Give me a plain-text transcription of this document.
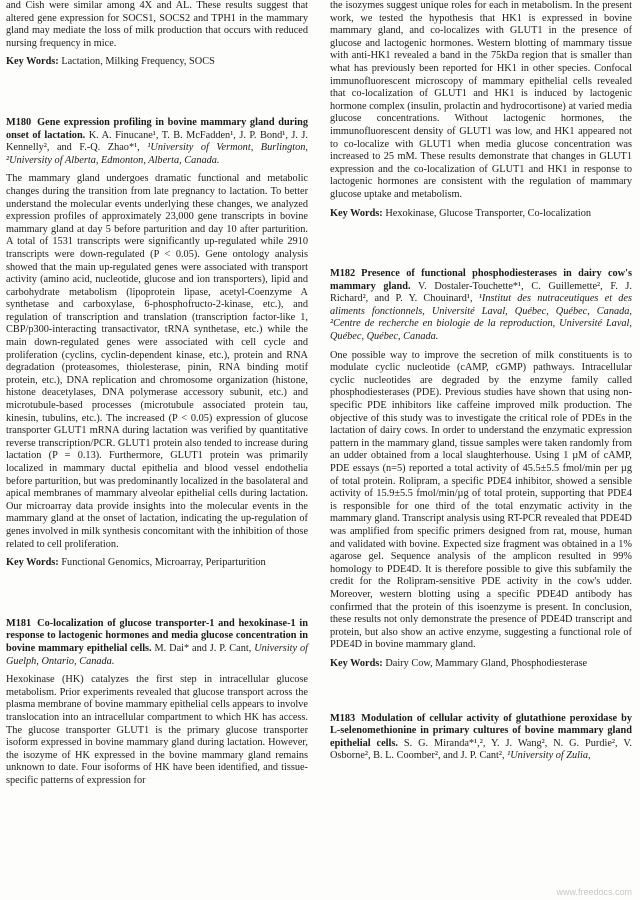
and Cish were similar among 4X and AL. These results suggest that altered gene expression for SOCS1, SOCS2 and TPH1 in the mammary gland may mediate the loss of milk production that occurs with reduced nursing frequency in mice.

Key Words: Lactation, Milking Frequency, SOCS

M180 Gene expression profiling in bovine mammary gland during onset of lactation. K. A. Finucane¹, T. B. McFadden¹, J. P. Bond¹, J. J. Kennelly², and F.-Q. Zhao*¹, ¹University of Vermont, Burlington, ²University of Alberta, Edmonton, Alberta, Canada.

The mammary gland undergoes dramatic functional and metabolic changes during the transition from late pregnancy to lactation. To better understand the molecular events underlying these changes, we analyzed expression profiles of approximately 23,000 gene transcripts in bovine mammary gland at day 5 before parturition and day 10 after parturition. A total of 1531 transcripts were significantly up-regulated while 2910 transcripts were down-regulated (P < 0.05). Gene ontology analysis showed that the main up-regulated genes were associated with transport activity (amino acid, nucleotide, glucose and ion transporters), lipid and carbohydrate metabolism (lipoprotein lipase, acetyl-Coenzyme A synthetase and carboxylase, 6-phosphofructo-2-kinase, etc.), and regulation of transcription and translation (transcription factor-like 1, CBP/p300-interacting transactivator, tRNA synthetase, etc.) while the main down-regulated genes were associated with cell cycle and proliferation (cyclins, cyclin-dependent kinase, etc.), protein and RNA degradation (proteasomes, thiolesterase, pinin, RNA binding motif protein, etc.), DNA replication and chromosome organization (histone, histone deacetylases, DNA polymerase accessory subunit, etc.) and microtubule-based processes (microtubule associated protein tau, kinesin, tubulins, etc.). The increased (P < 0.05) expression of glucose transporter GLUT1 mRNA during lactation was verified by quantitative reverse transcription/PCR. GLUT1 protein also tended to increase during lactation (P = 0.13). Furthermore, GLUT1 protein was primarily localized in mammary ductal epithelia and blood vessel endothelia before parturition, but was predominantly localized in the basolateral and apical membranes of mammary alveolar epithelial cells during lactation. Our microarray data provide insights into the molecular events in the mammary gland at the onset of lactation, indicating the up-regulation of genes involved in milk synthesis concomitant with the inhibition of those related to cell proliferation.

Key Words: Functional Genomics, Microarray, Periparturition

M181 Co-localization of glucose transporter-1 and hexokinase-1 in response to lactogenic hormones and media glucose concentration in bovine mammary epithelial cells. M. Dai* and J. P. Cant, University of Guelph, Ontario, Canada.

Hexokinase (HK) catalyzes the first step in intracellular glucose metabolism. Prior experiments revealed that glucose transport across the plasma membrane of bovine mammary epithelial cells appears to involve translocation into an intracellular compartment to which HK has access. The glucose transporter GLUT1 is the primary glucose transporter isoform expressed in bovine mammary gland during lactation. However, the isozyme of HK expressed in the bovine mammary gland remains unknown to date. Four isoforms of HK have been identified, and tissue-specific patterns of expression for

the isozymes suggest unique roles for each in metabolism. In the present work, we tested the hypothesis that HK1 is expressed in bovine mammary gland, and co-localizes with GLUT1 in the presence of glucose and lactogenic hormones. Western blotting of mammary tissue with anti-HK1 revealed a band in the 75kDa region that is smaller than what has previously been reported for HK1 in other species. Confocal immunofluorescent microscopy of mammary epithelial cells revealed that co-localization of GLUT1 and HK1 is induced by lactogenic hormone complex (insulin, prolactin and hydrocortisone) at varied media glucose concentrations. Without lactogenic hormones, the immunofluorescent density of GLUT1 was low, and HK1 appeared not to co-localize with GLUT1 when media glucose concentration was increased to 25 mM. These results demonstrate that changes in GLUT1 expression and the co-localization of GLUT1 and HK1 in response to lactogenic hormones are consistent with the regulation of mammary glucose uptake and metabolism.

Key Words: Hexokinase, Glucose Transporter, Co-localization

M182 Presence of functional phosphodiesterases in dairy cow's mammary gland. V. Dostaler-Touchette*¹, C. Guillemette², F. J. Richard², and P. Y. Chouinard¹, ¹Institut des nutraceutiques et des aliments fonctionnels, Université Laval, Québec, Québec, Canada, ²Centre de recherche en biologie de la reproduction, Université Laval, Québec, Québec, Canada.

One possible way to improve the secretion of milk constituents is to modulate cyclic nucleotide (cAMP, cGMP) pathways. Intracellular cyclic nucleotides are degraded by the enzyme family called phosphodiesterases (PDE). Previous studies have shown that using non-specific PDE inhibitors like caffeine improved milk production. The objective of this study was to investigate the critical role of PDEs in the lactation of dairy cows. In order to understand the enzymatic expression pattern in the mammary gland, tissue samples were taken randomly from an udder obtained from a local slaughterhouse. Using 1 µM of cAMP, PDE essays (n=5) reported a total activity of 45.5±5.5 fmol/min per µg of total protein. Rolipram, a specific PDE4 inhibitor, showed a sensible activity of 15.9±5.5 fmol/min/µg of total protein, supporting that PDE4 is responsible for one third of the total enzymatic activity in the mammary gland. Transcript analysis using RT-PCR revealed that PDE4D was amplified from specific primers designed from rat, mouse, human and validated with bovine. Expected size fragment was obtained in a 1% agarose gel. Sequence analysis of the amplicon resulted in 99% homology to PDE4D. It is therefore possible to give this subfamily the credit for the Rolipram-sensitive PDE activity in the cow's udder. Moreover, western blotting using a specific PDE4D antibody has confirmed that the protein of this isoenzyme is present. In conclusion, these results not only demonstrate the presence of PDE4D transcript and protein, but also show an active enzyme, suggesting a functional role of PDE4D in bovine mammary gland.

Key Words: Dairy Cow, Mammary Gland, Phosphodiesterase

M183 Modulation of cellular activity of glutathione peroxidase by L-selenomethionine in primary cultures of bovine mammary gland epithelial cells. S. G. Miranda*¹,², Y. J. Wang², N. G. Purdie², V. Osborne², B. L. Coomber², and J. P. Cant², ¹University of Zulia,

www.freedocs.com
